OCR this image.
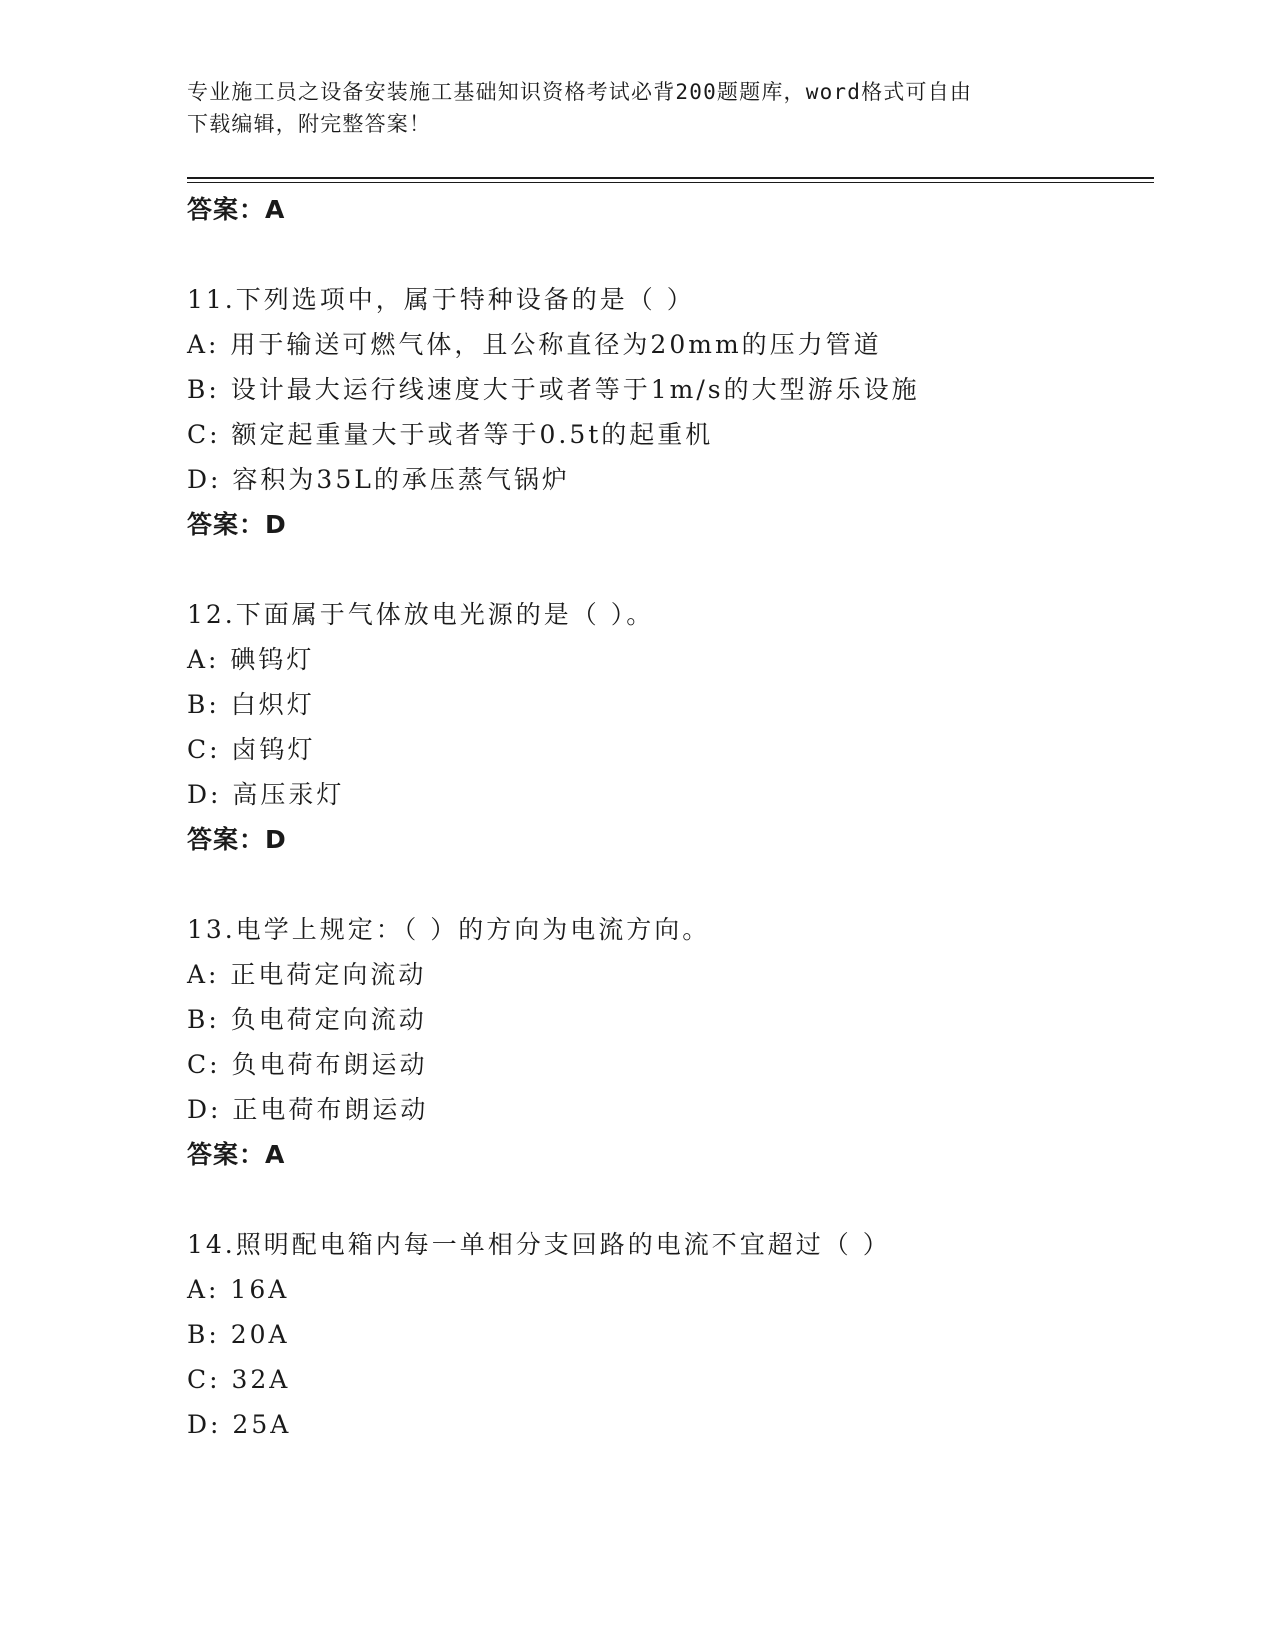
专业施工员之设备安装施工基础知识资格考试必背200题题库，word格式可自由
下载编辑，附完整答案！
答案：A
11.下列选项中，属于特种设备的是（ ）
A: 用于输送可燃气体，且公称直径为20mm的压力管道
B: 设计最大运行线速度大于或者等于1m/s的大型游乐设施
C: 额定起重量大于或者等于0.5t的起重机
D: 容积为35L的承压蒸气锅炉
答案：D
12.下面属于气体放电光源的是（ ）。
A: 碘钨灯
B: 白炽灯
C: 卤钨灯
D: 高压汞灯
答案：D
13.电学上规定：（ ）的方向为电流方向。
A: 正电荷定向流动
B: 负电荷定向流动
C: 负电荷布朗运动
D: 正电荷布朗运动
答案：A
14.照明配电箱内每一单相分支回路的电流不宜超过（ ）
A: 16A
B: 20A
C: 32A
D: 25A
